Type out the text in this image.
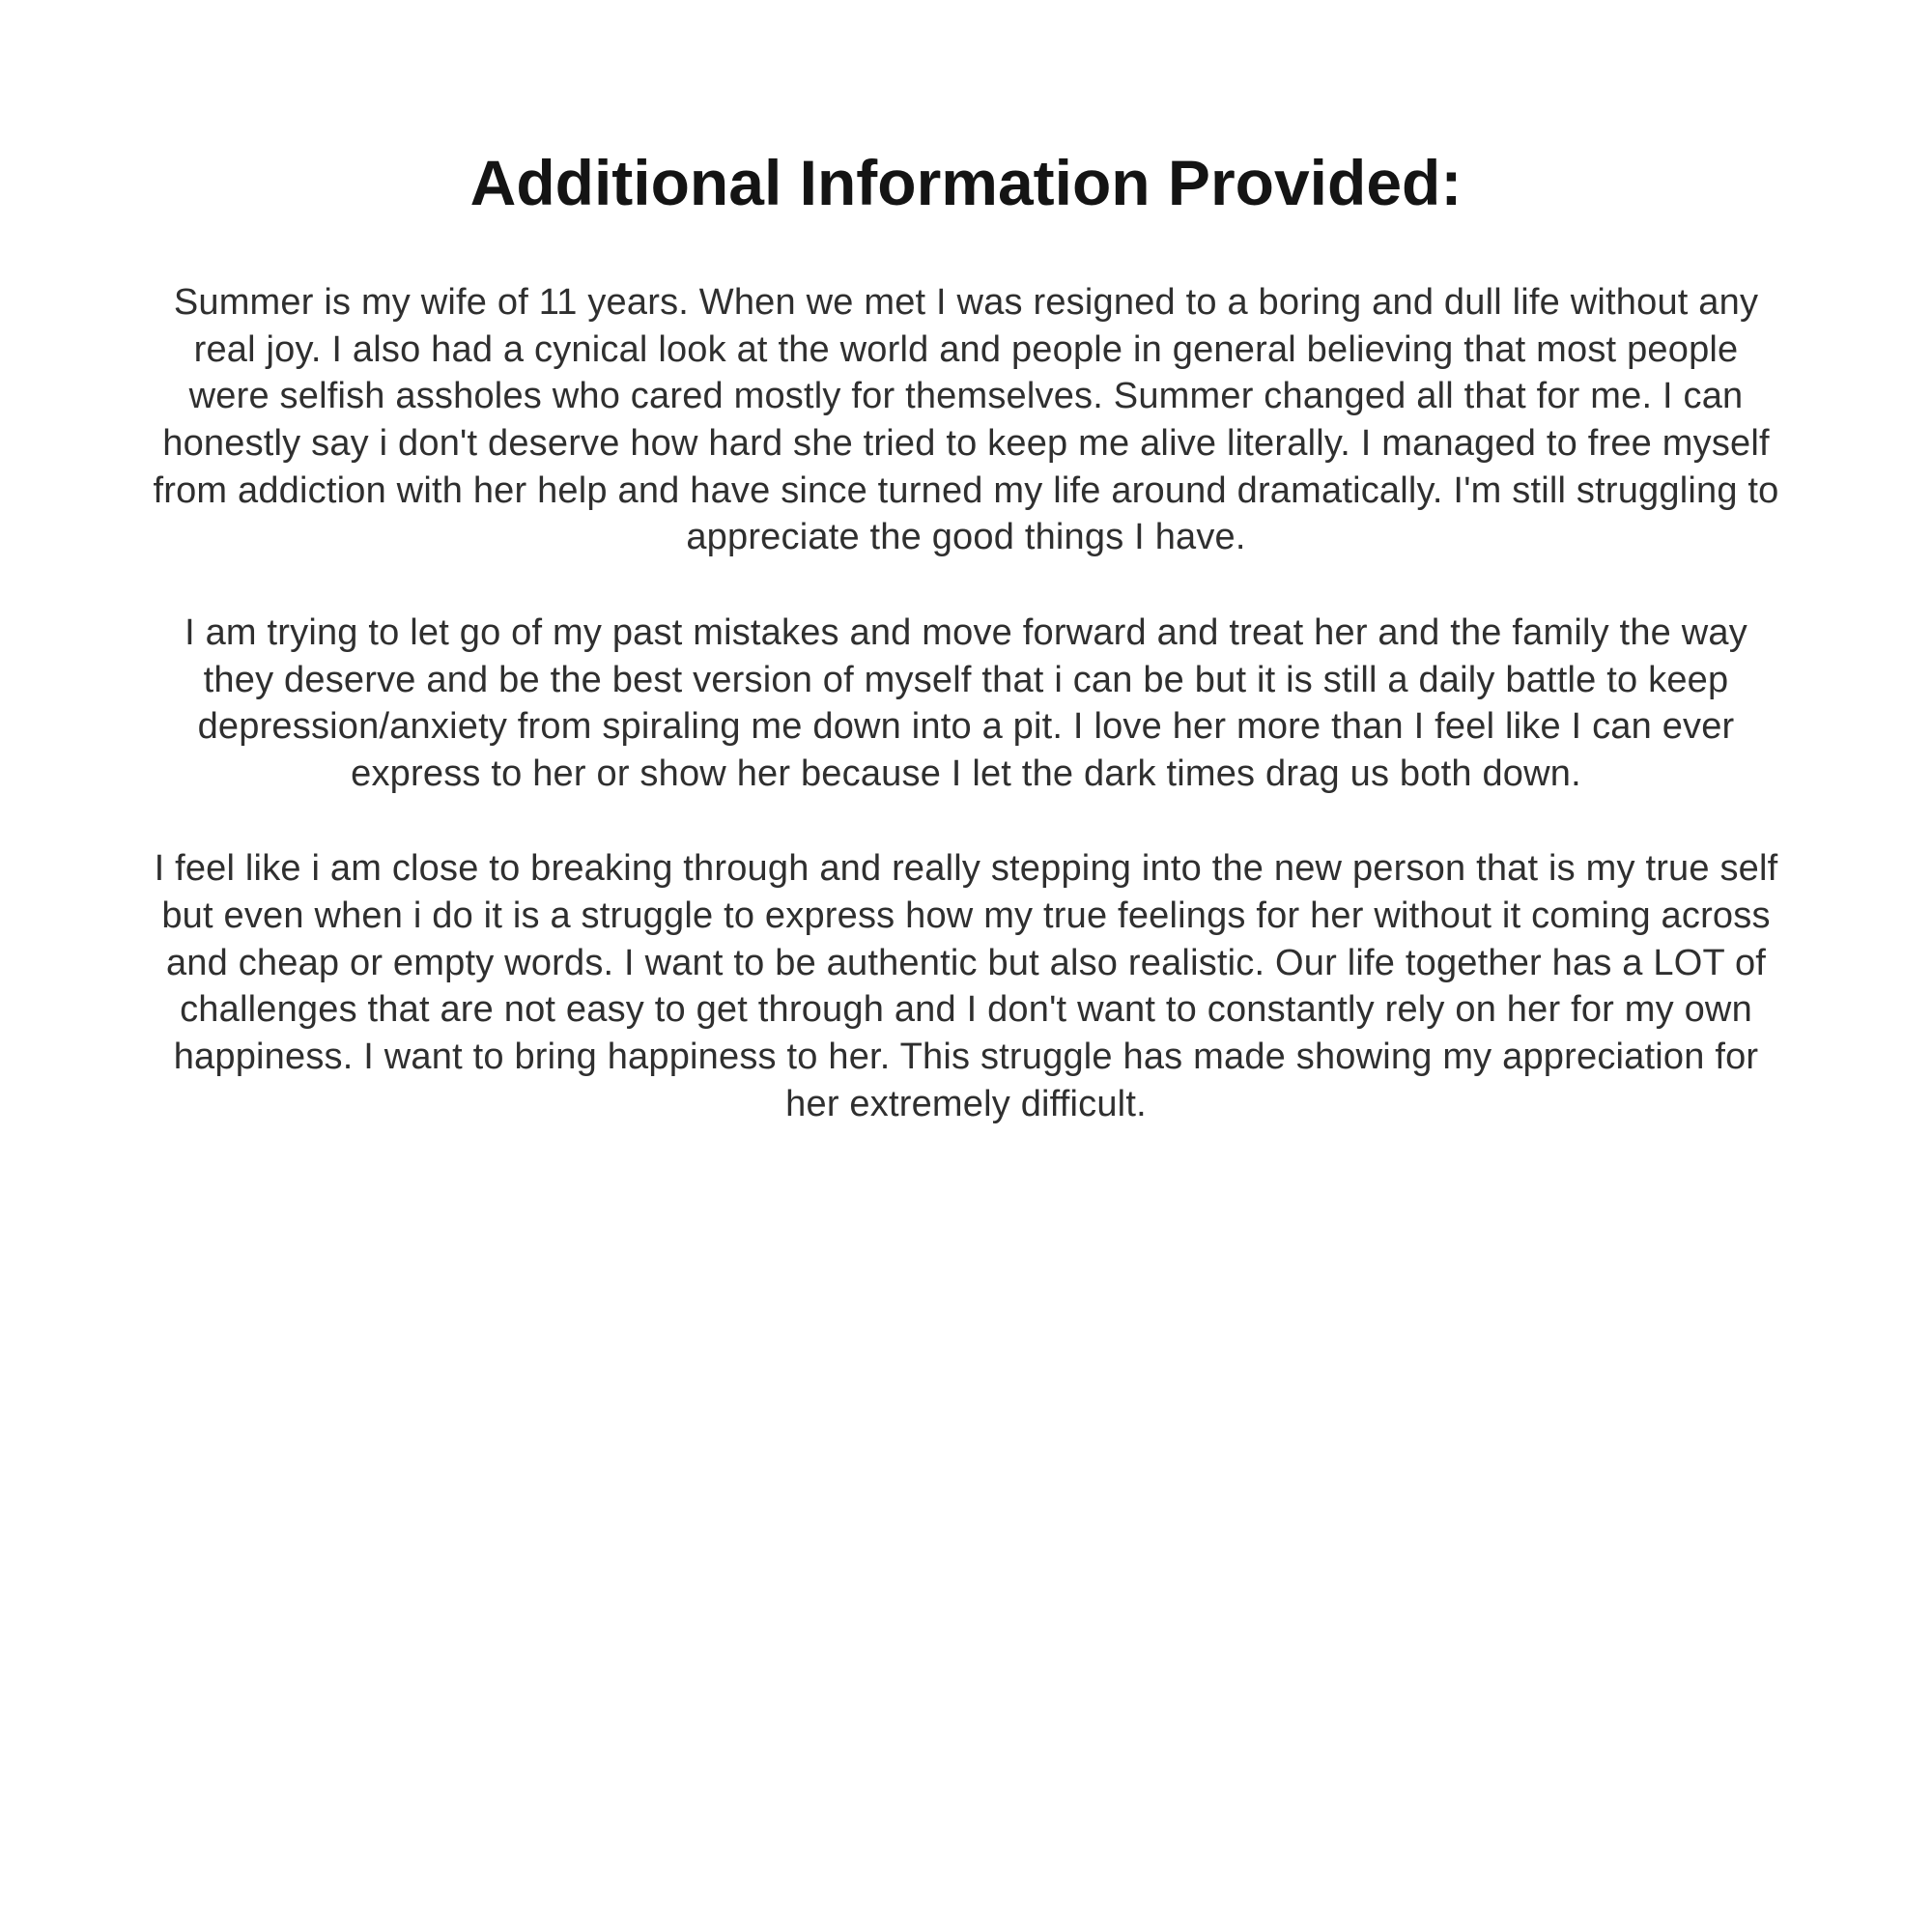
Additional Information Provided:

Summer is my wife of 11 years. When we met I was resigned to a boring and dull life without any real joy. I also had a cynical look at the world and people in general believing that most people were selfish assholes who cared mostly for themselves. Summer changed all that for me. I can honestly say i don't deserve how hard she tried to keep me alive literally. I managed to free myself from addiction with her help and have since turned my life around dramatically. I'm still struggling to appreciate the good things I have.

I am trying to let go of my past mistakes and move forward and treat her and the family the way they deserve and be the best version of myself that i can be but it is still a daily battle to keep depression/anxiety from spiraling me down into a pit. I love her more than I feel like I can ever express to her or show her because I let the dark times drag us both down.

I feel like i am close to breaking through and really stepping into the new person that is my true self but even when i do it is a struggle to express how my true feelings for her without it coming across and cheap or empty words. I want to be authentic but also realistic. Our life together has a LOT of challenges that are not easy to get through and I don't want to constantly rely on her for my own happiness. I want to bring happiness to her. This struggle has made showing my appreciation for her extremely difficult.
